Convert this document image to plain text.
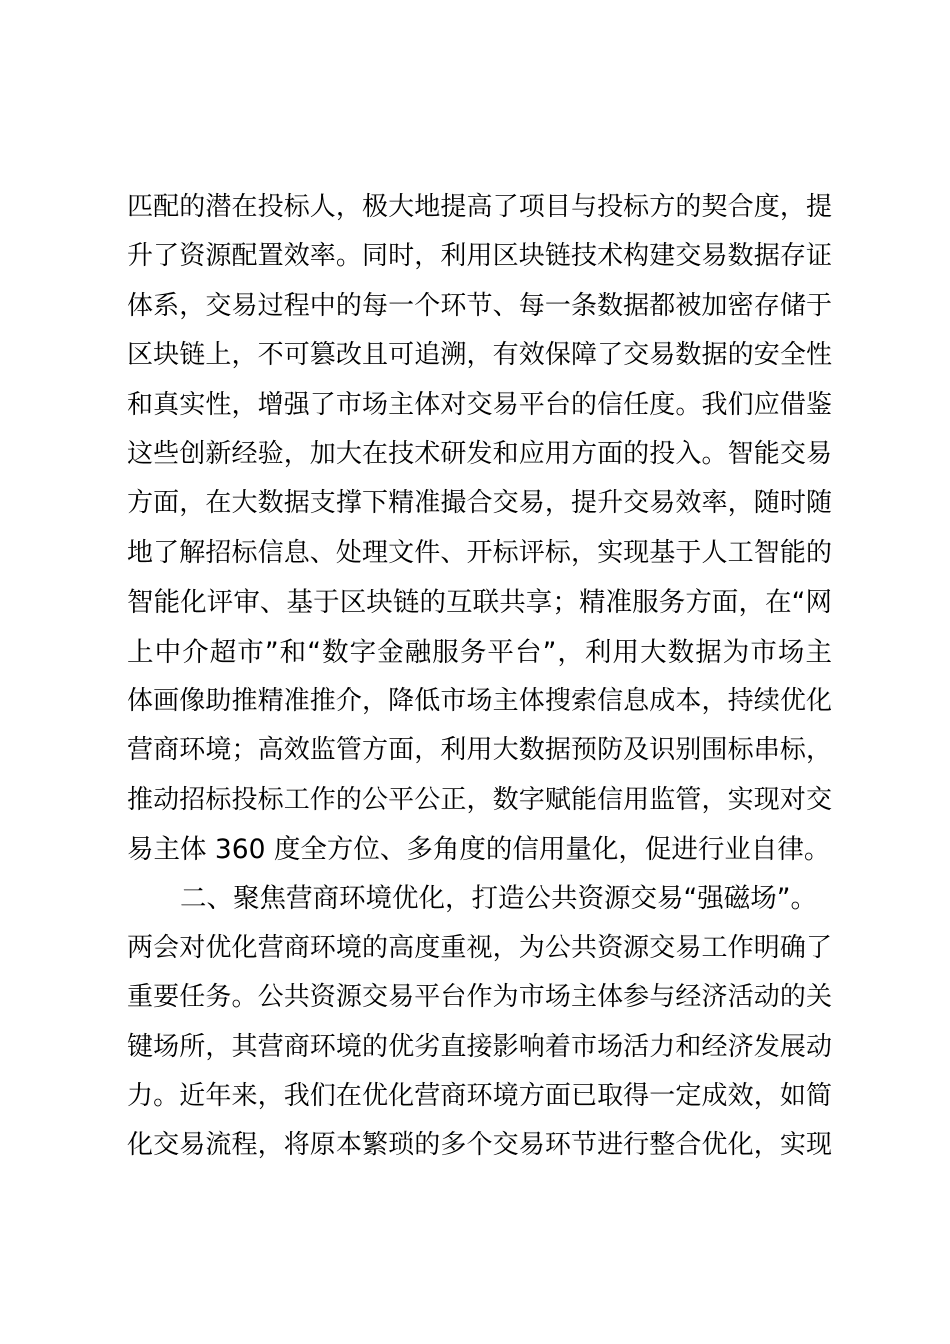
匹配的潜在投标人，极大地提高了项目与投标方的契合度，提
升了资源配置效率。同时，利用区块链技术构建交易数据存证
体系，交易过程中的每一个环节、每一条数据都被加密存储于
区块链上，不可篡改且可追溯，有效保障了交易数据的安全性
和真实性，增强了市场主体对交易平台的信任度。我们应借鉴
这些创新经验，加大在技术研发和应用方面的投入。智能交易
方面，在大数据支撑下精准撮合交易，提升交易效率，随时随
地了解招标信息、处理文件、开标评标，实现基于人工智能的
智能化评审、基于区块链的互联共享；精准服务方面，在“网
上中介超市”和“数字金融服务平台”，利用大数据为市场主
体画像助推精准推介，降低市场主体搜索信息成本，持续优化
营商环境；高效监管方面，利用大数据预防及识别围标串标，
推动招标投标工作的公平公正，数字赋能信用监管，实现对交
易主体 360 度全方位、多角度的信用量化，促进行业自律。
二、聚焦营商环境优化，打造公共资源交易“强磁场”。
两会对优化营商环境的高度重视，为公共资源交易工作明确了
重要任务。公共资源交易平台作为市场主体参与经济活动的关
键场所，其营商环境的优劣直接影响着市场活力和经济发展动
力。近年来，我们在优化营商环境方面已取得一定成效，如简
化交易流程，将原本繁琐的多个交易环节进行整合优化，实现
